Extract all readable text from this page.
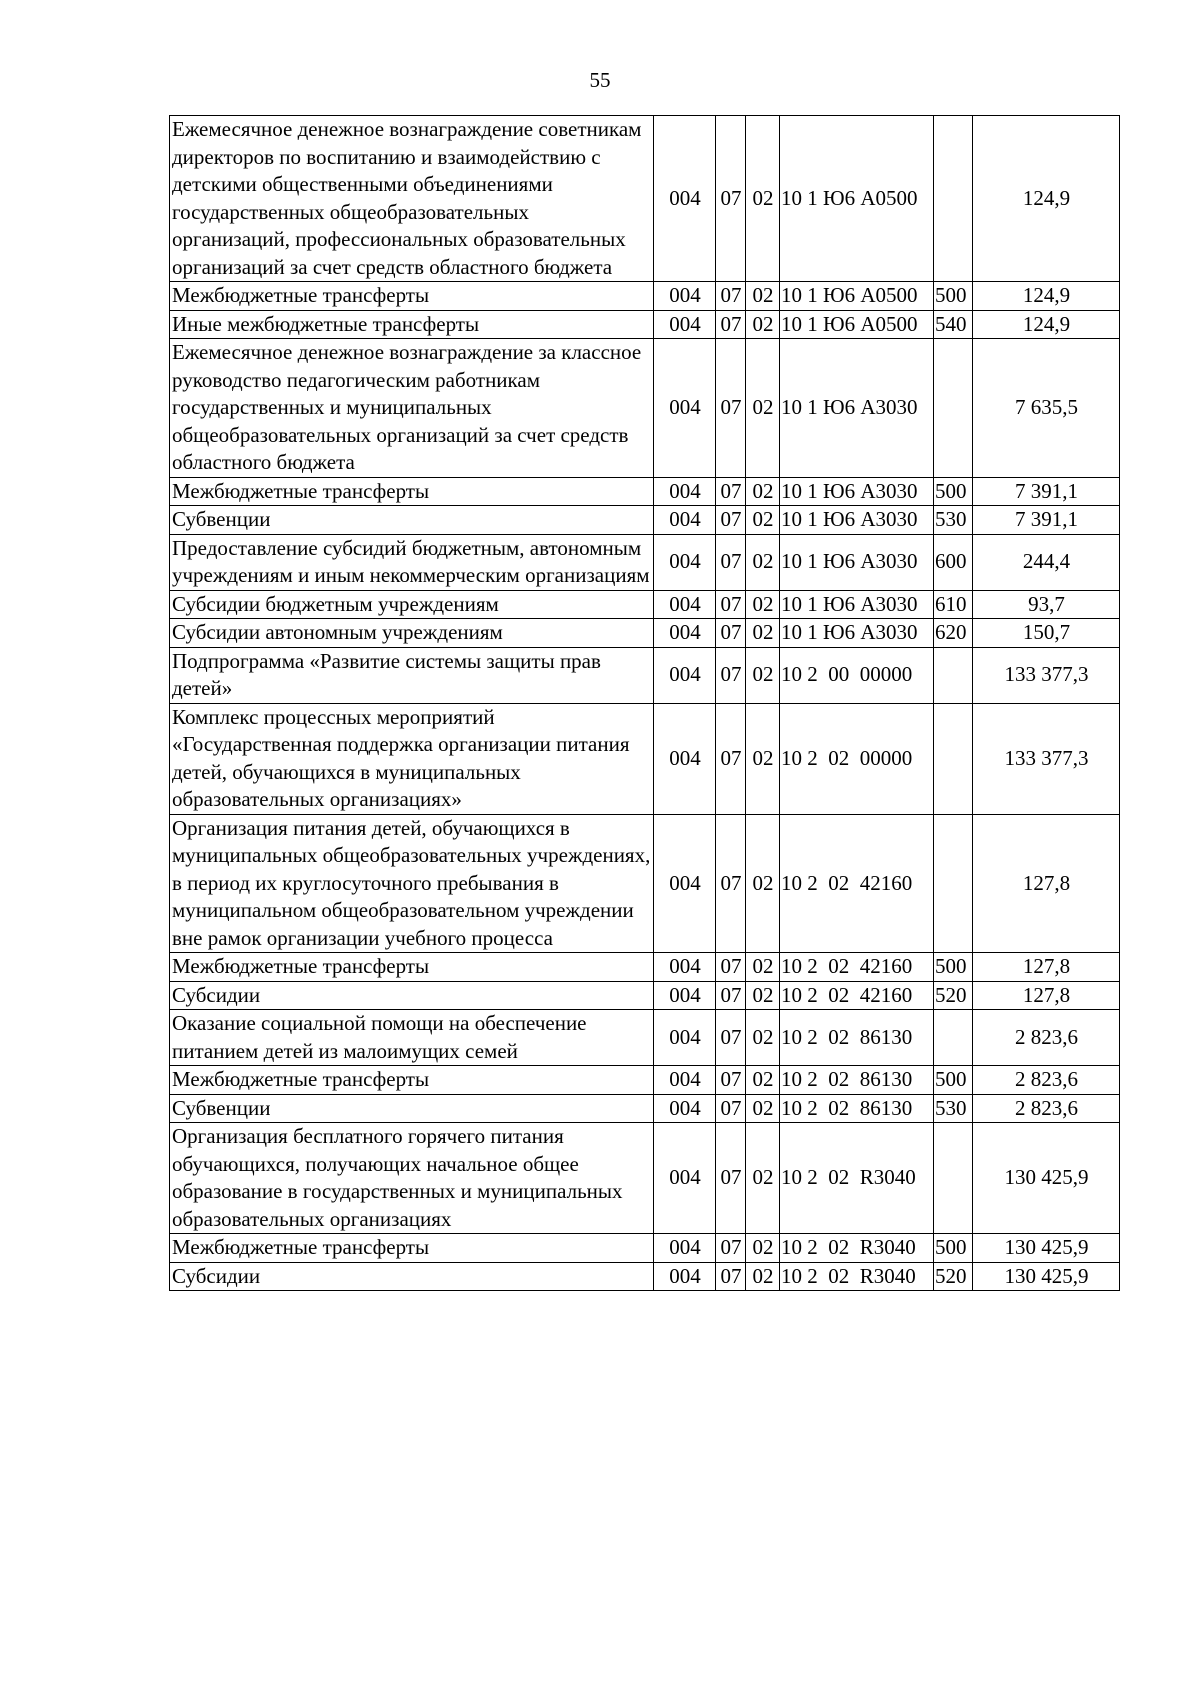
55
Ежемесячное денежное вознаграждение советникам директоров по воспитанию и взаимодействию с детскими общественными объединениями государственных общеобразовательных организаций, профессиональных образовательных организаций за счет средств областного бюджета	004	07	02	10 1 Ю6 А0500		124,9
Межбюджетные трансферты	004	07	02	10 1 Ю6 А0500	500	124,9
Иные межбюджетные трансферты	004	07	02	10 1 Ю6 А0500	540	124,9
Ежемесячное денежное вознаграждение за классное руководство педагогическим работникам государственных и муниципальных общеобразовательных организаций за счет средств областного бюджета	004	07	02	10 1 Ю6 А3030		7 635,5
Межбюджетные трансферты	004	07	02	10 1 Ю6 А3030	500	7 391,1
Субвенции	004	07	02	10 1 Ю6 А3030	530	7 391,1
Предоставление субсидий бюджетным, автономным учреждениям и иным некоммерческим организациям	004	07	02	10 1 Ю6 А3030	600	244,4
Субсидии бюджетным учреждениям	004	07	02	10 1 Ю6 А3030	610	93,7
Субсидии автономным учреждениям	004	07	02	10 1 Ю6 А3030	620	150,7
Подпрограмма «Развитие системы защиты прав детей»	004	07	02	10 2  00  00000		133 377,3
Комплекс процессных мероприятий «Государственная поддержка организации питания детей, обучающихся в муниципальных образовательных организациях»	004	07	02	10 2  02  00000		133 377,3
Организация питания детей, обучающихся в муниципальных общеобразовательных учреждениях, в период их круглосуточного пребывания в муниципальном общеобразовательном учреждении вне рамок организации учебного процесса	004	07	02	10 2  02  42160		127,8
Межбюджетные трансферты	004	07	02	10 2  02  42160	500	127,8
Субсидии	004	07	02	10 2  02  42160	520	127,8
Оказание социальной помощи на обеспечение питанием детей из малоимущих семей	004	07	02	10 2  02  86130		2 823,6
Межбюджетные трансферты	004	07	02	10 2  02  86130	500	2 823,6
Субвенции	004	07	02	10 2  02  86130	530	2 823,6
Организация бесплатного горячего питания обучающихся, получающих начальное общее образование в государственных и муниципальных образовательных организациях	004	07	02	10 2  02  R3040		130 425,9
Межбюджетные трансферты	004	07	02	10 2  02  R3040	500	130 425,9
Субсидии	004	07	02	10 2  02  R3040	520	130 425,9
